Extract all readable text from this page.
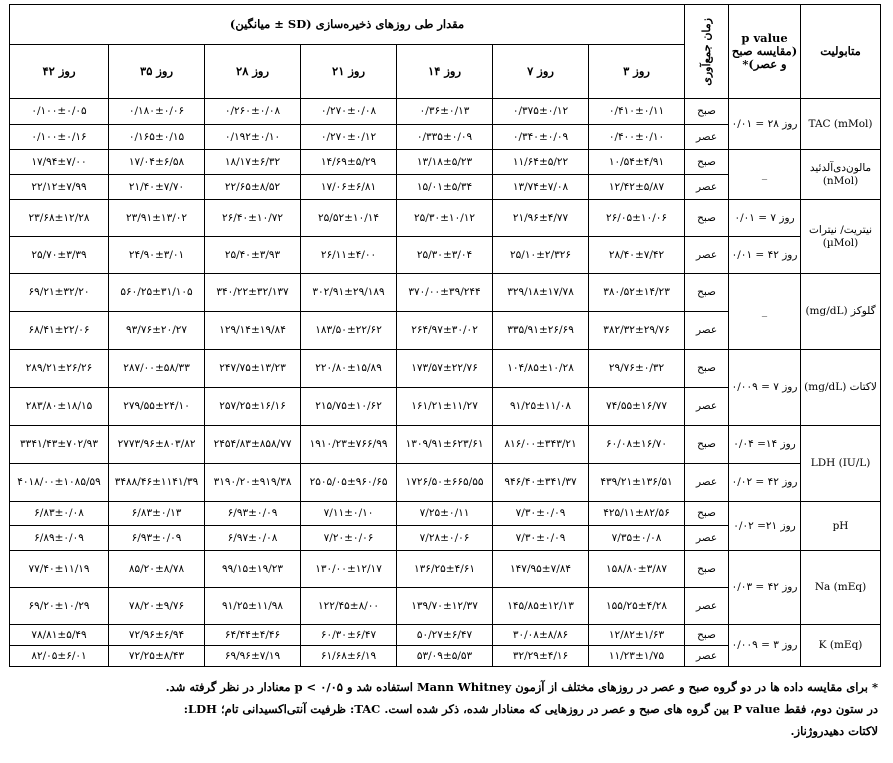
متابولیت	p value (مقایسه صبح و عصر)*	زمان جمع‌آوری	مقدار طی روزهای ذخیره‌سازی (SD ± میانگین)						
			روز ۳	روز ۷	روز ۱۴	روز ۲۱	روز ۲۸	روز ۳۵	روز ۴۲
TAC (mMol)	روز ۲۸ = ۰/۰۱	صبح	۰/۴۱۰±۰/۱۱	۰/۳۷۵±۰/۱۲	۰/۳۶±۰/۱۳	۰/۲۷۰±۰/۰۸	۰/۲۶۰±۰/۰۸	۰/۱۸۰±۰/۰۶	۰/۱۰۰±۰/۰۵
		عصر	۰/۴۰۰±۰/۱۰	۰/۳۴۰±۰/۰۹	۰/۳۳۵±۰/۰۹	۰/۲۷۰±۰/۱۲	۰/۱۹۲±۰/۱۰	۰/۱۶۵±۰/۱۵	۰/۱۰۰±۰/۱۶
مالون‌دی‌آلدئید (nMol)	_	صبح	۱۰/۵۴±۴/۹۱	۱۱/۶۴±۵/۲۲	۱۳/۱۸±۵/۲۳	۱۴/۶۹±۵/۲۹	۱۸/۱۷±۶/۳۲	۱۷/۰۴±۶/۵۸	۱۷/۹۴±۷/۰۰
		عصر	۱۲/۴۲±۵/۸۷	۱۳/۷۴±۷/۰۸	۱۵/۰۱±۵/۳۴	۱۷/۰۶±۶/۸۱	۲۲/۶۵±۸/۵۲	۲۱/۴۰±۷/۷۰	۲۲/۱۲±۷/۹۹
نیتریت/ نیترات (µMol)	روز ۷ = ۰/۰۱	صبح	۲۶/۰۵±۱۰/۰۶	۲۱/۹۶±۴/۷۷	۲۵/۳۰±۱۰/۱۲	۲۵/۵۲±۱۰/۱۴	۲۶/۴۰±۱۰/۷۲	۲۳/۹۱±۱۳/۰۲	۲۳/۶۸±۱۲/۲۸
	روز ۴۲ = ۰/۰۱	عصر	۲۸/۴۰±۷/۴۲	۲۵/۱۰±۲/۳۲۶	۲۵/۳۰±۳/۰۴	۲۶/۱۱±۴/۰۰	۲۵/۴۰±۳/۹۳	۲۴/۹۰±۳/۰۱	۲۵/۷۰±۳/۳۹
گلوکز (mg/dL)	_	صبح	۳۸۰/۵۲±۱۴/۲۳	۳۲۹/۱۸±۱۷/۷۸	۳۷۰/۰۰±۳۹/۲۴۴	۳۰۲/۹۱±۲۹/۱۸۹	۳۴۰/۲۲±۳۲/۱۳۷	۵۶۰/۲۵±۳۱/۱۰۵	۶۹/۲۱±۳۲/۲۰
		عصر	۳۸۲/۳۲±۲۹/۷۶	۳۳۵/۹۱±۲۶/۶۹	۲۶۴/۹۷±۳۰/۰۲	۱۸۳/۵۰±۲۲/۶۲	۱۲۹/۱۴±۱۹/۸۴	۹۳/۷۶±۲۰/۲۷	۶۸/۴۱±۲۲/۰۶
لاکتات (mg/dL)	روز ۷ = ۰/۰۰۹	صبح	۲۹/۷۶±۰/۳۲	۱۰۴/۸۵±۱۰/۲۸	۱۷۳/۵۷±۲۲/۷۶	۲۲۰/۸۰±۱۵/۸۹	۲۴۷/۷۵±۱۳/۲۳	۲۸۷/۰۰±۵۸/۳۳	۲۸۹/۲۱±۲۶/۲۶
		عصر	۷۴/۵۵±۱۶/۷۷	۹۱/۲۵±۱۱/۰۸	۱۶۱/۲۱±۱۱/۲۷	۲۱۵/۷۵±۱۰/۶۲	۲۵۷/۲۵±۱۶/۱۶	۲۷۹/۵۵±۲۴/۱۰	۲۸۳/۸۰±۱۸/۱۵
LDH (IU/L)	روز ۱۴= ۰/۰۴	صبح	۶۰/۰۸±۱۶/۷۰	۸۱۶/۰۰±۳۴۳/۲۱	۱۳۰۹/۹۱±۶۲۳/۶۱	۱۹۱۰/۲۳±۷۶۶/۹۹	۲۴۵۴/۸۳±۸۵۸/۷۷	۲۷۷۳/۹۶±۸۰۳/۸۲	۳۳۴۱/۴۳±۷۰۲/۹۳
	روز ۴۲ = ۰/۰۲	عصر	۴۳۹/۲۱±۱۳۶/۵۱	۹۴۶/۴۰±۳۴۱/۳۷	۱۷۲۶/۵۰±۶۶۵/۵۵	۲۵۰۵/۰۵±۹۶۰/۶۵	۳۱۹۰/۲۰±۹۱۹/۳۸	۳۴۸۸/۴۶±۱۱۴۱/۳۹	۴۰۱۸/۰۰±۱۰۸۵/۵۹
pH	روز ۲۱= ۰/۰۲	صبح	۴۲۵/۱۱±۸۲/۵۶	۷/۳۰±۰/۰۹	۷/۲۵±۰/۱۱	۷/۱۱±۰/۱۰	۶/۹۳±۰/۰۹	۶/۸۳±۰/۱۳	۶/۸۳±۰/۰۸
		عصر	۷/۳۵±۰/۰۸	۷/۳۰±۰/۰۹	۷/۲۸±۰/۰۶	۷/۲۰±۰/۰۶	۶/۹۷±۰/۰۸	۶/۹۳±۰/۰۹	۶/۸۹±۰/۰۹
Na (mEq)	روز ۴۲ = ۰/۰۳	صبح	۱۵۸/۸۰±۳/۸۷	۱۴۷/۹۵±۷/۸۴	۱۳۶/۲۵±۴/۶۱	۱۳۰/۰۰±۱۲/۱۷	۹۹/۱۵±۱۹/۲۳	۸۵/۲۰±۸/۷۸	۷۷/۴۰±۱۱/۱۹
		عصر	۱۵۵/۲۵±۴/۲۸	۱۴۵/۸۵±۱۲/۱۳	۱۳۹/۷۰±۱۲/۳۷	۱۲۲/۴۵±۸/۰۰	۹۱/۲۵±۱۱/۹۸	۷۸/۲۰±۹/۷۶	۶۹/۲۰±۱۰/۲۹
K (mEq)	روز ۳ = ۰/۰۰۹	صبح	۱۲/۸۲±۱/۶۳	۳۰/۰۸±۸/۸۶	۵۰/۲۷±۶/۴۷	۶۰/۳۰±۶/۴۷	۶۴/۴۴±۴/۴۶	۷۲/۹۶±۶/۹۴	۷۸/۸۱±۵/۴۹
		عصر	۱۱/۲۳±۱/۷۵	۳۲/۲۹±۴/۱۶	۵۳/۰۹±۵/۵۳	۶۱/۶۸±۶/۱۹	۶۹/۹۶±۷/۱۹	۷۲/۲۵±۸/۴۳	۸۲/۰۵±۶/۰۱
* برای مقایسه داده ها در دو گروه صبح و عصر در روزهای مختلف از آزمون Mann Whitney استفاده شد و p < ۰/۰۵ معنادار در نظر گرفته شد.
در ستون دوم، فقط P value بین گروه های صبح و عصر در روزهایی که معنادار شده، ذکر شده است. TAC: ظرفیت آنتی‌اکسیدانی تام؛ LDH:
لاکتات دهیدروژناز.
